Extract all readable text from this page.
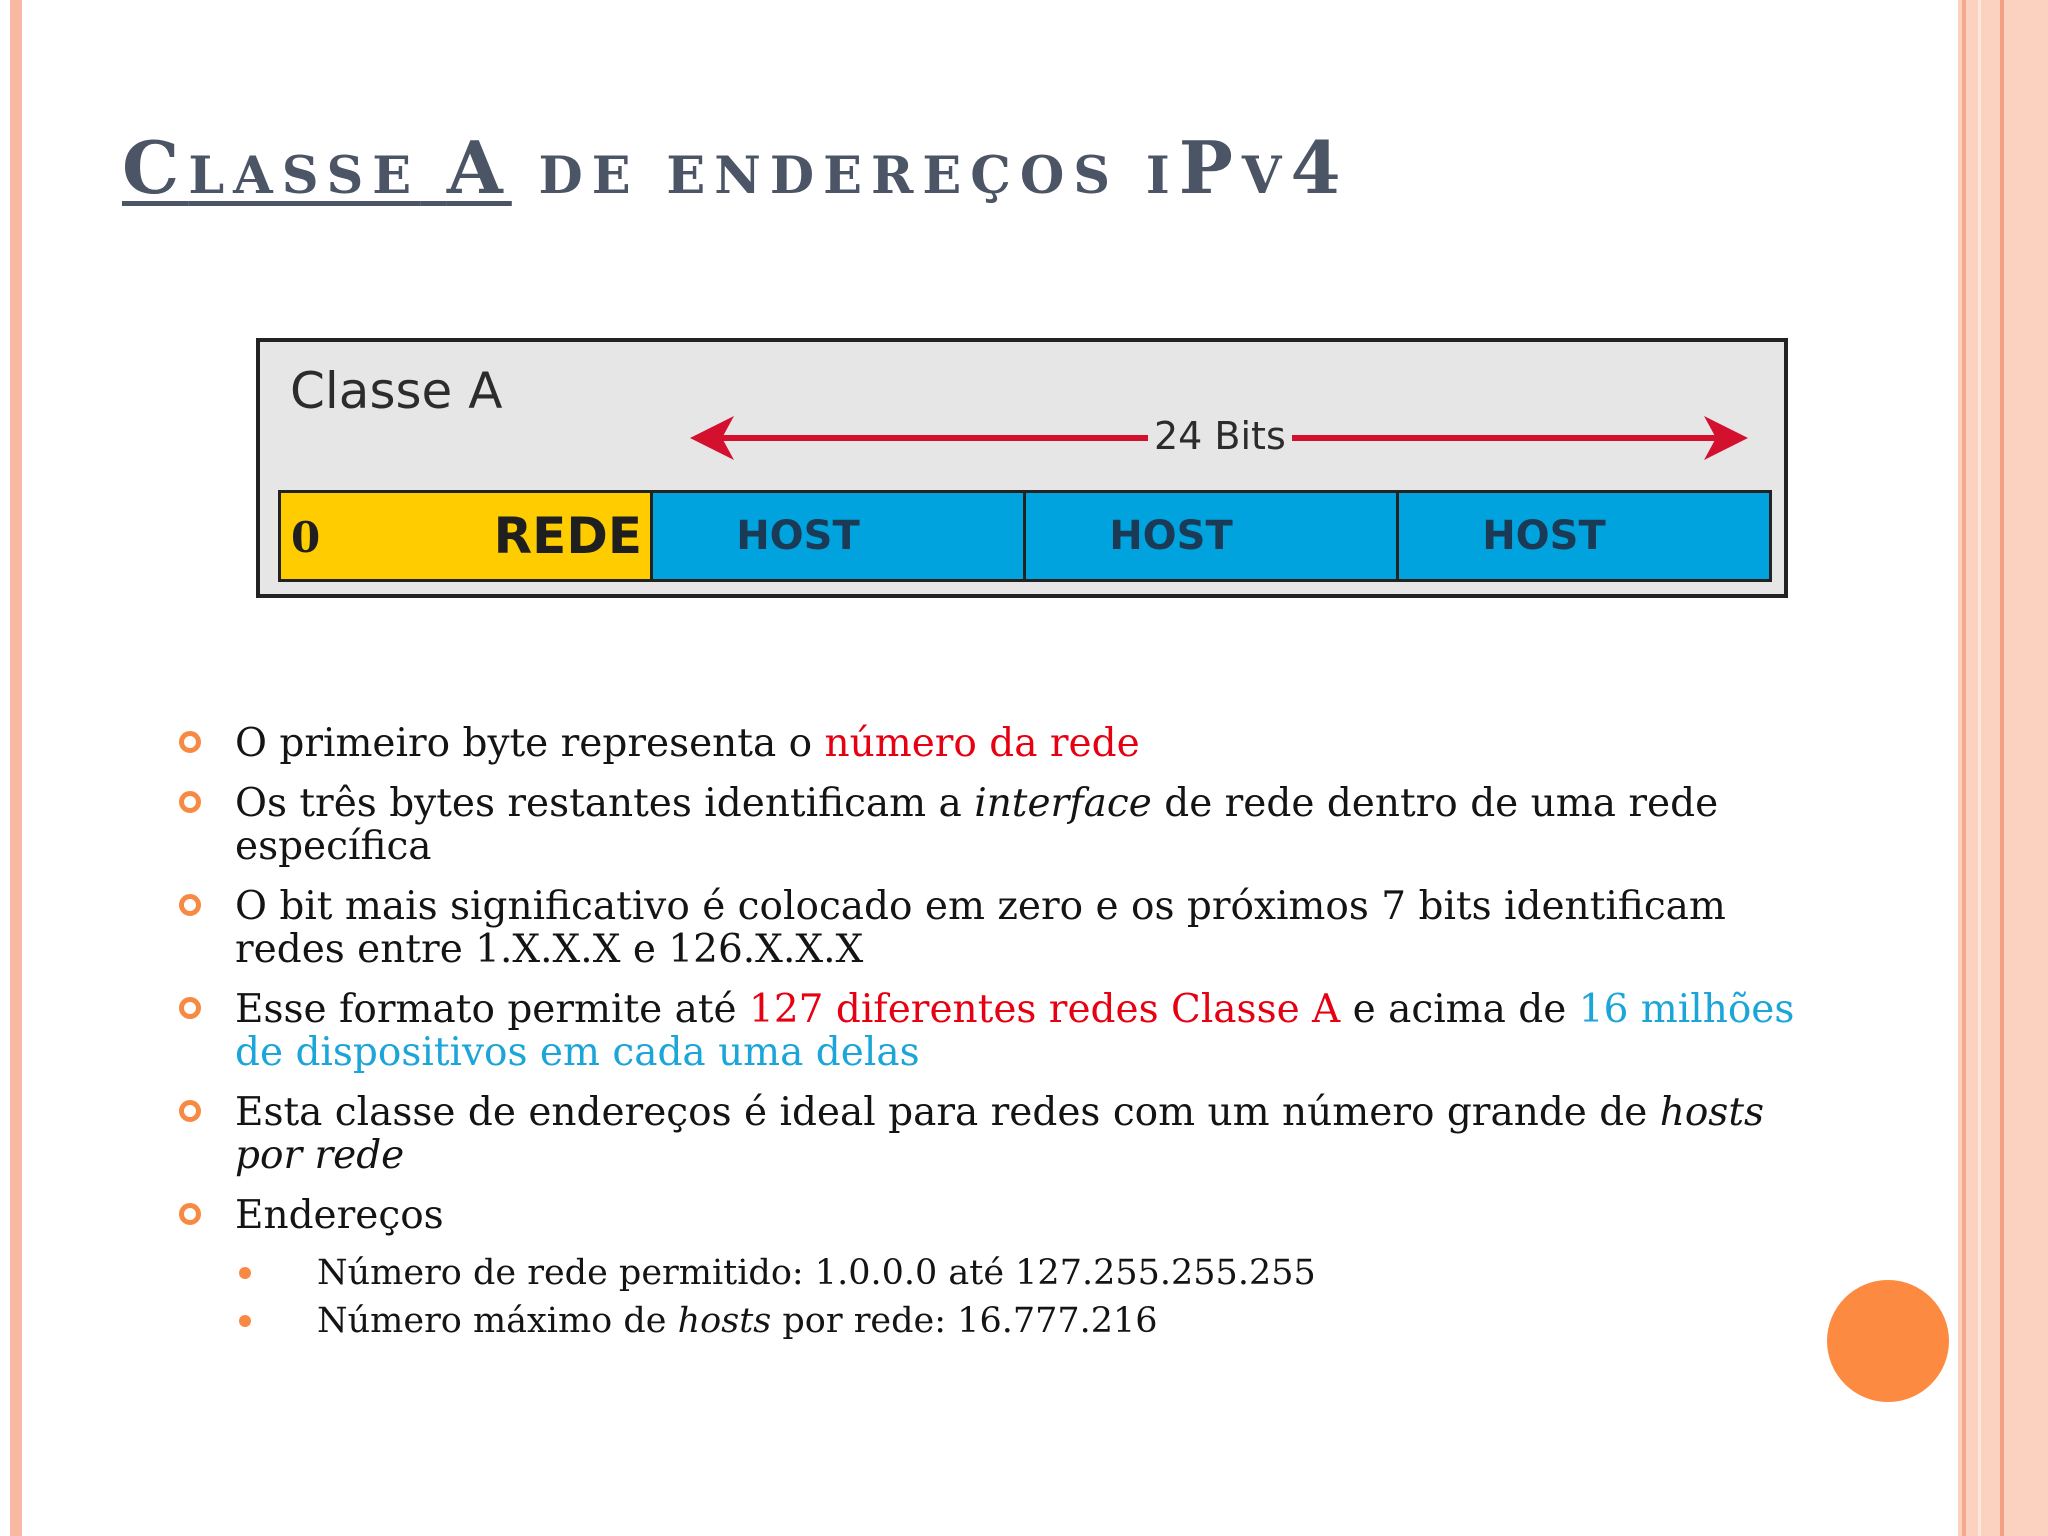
CLASSE A DE ENDEREÇOS IPV4
Classe A
24 Bits
0	REDE HOST	HOST	HOST
O primeiro byte representa o número da rede
Os três bytes restantes identificam a interface de rede dentro de uma rede específica
O bit mais significativo é colocado em zero e os próximos 7 bits identificam redes entre 1.X.X.X e 126.X.X.X
Esse formato permite até 127 diferentes redes Classe A e acima de 16 milhões de dispositivos em cada uma delas
Esta classe de endereços é ideal para redes com um número grande de hosts por rede
Endereços
Número de rede permitido: 1.0.0.0 até 127.255.255.255
Número máximo de hosts por rede: 16.777.216
